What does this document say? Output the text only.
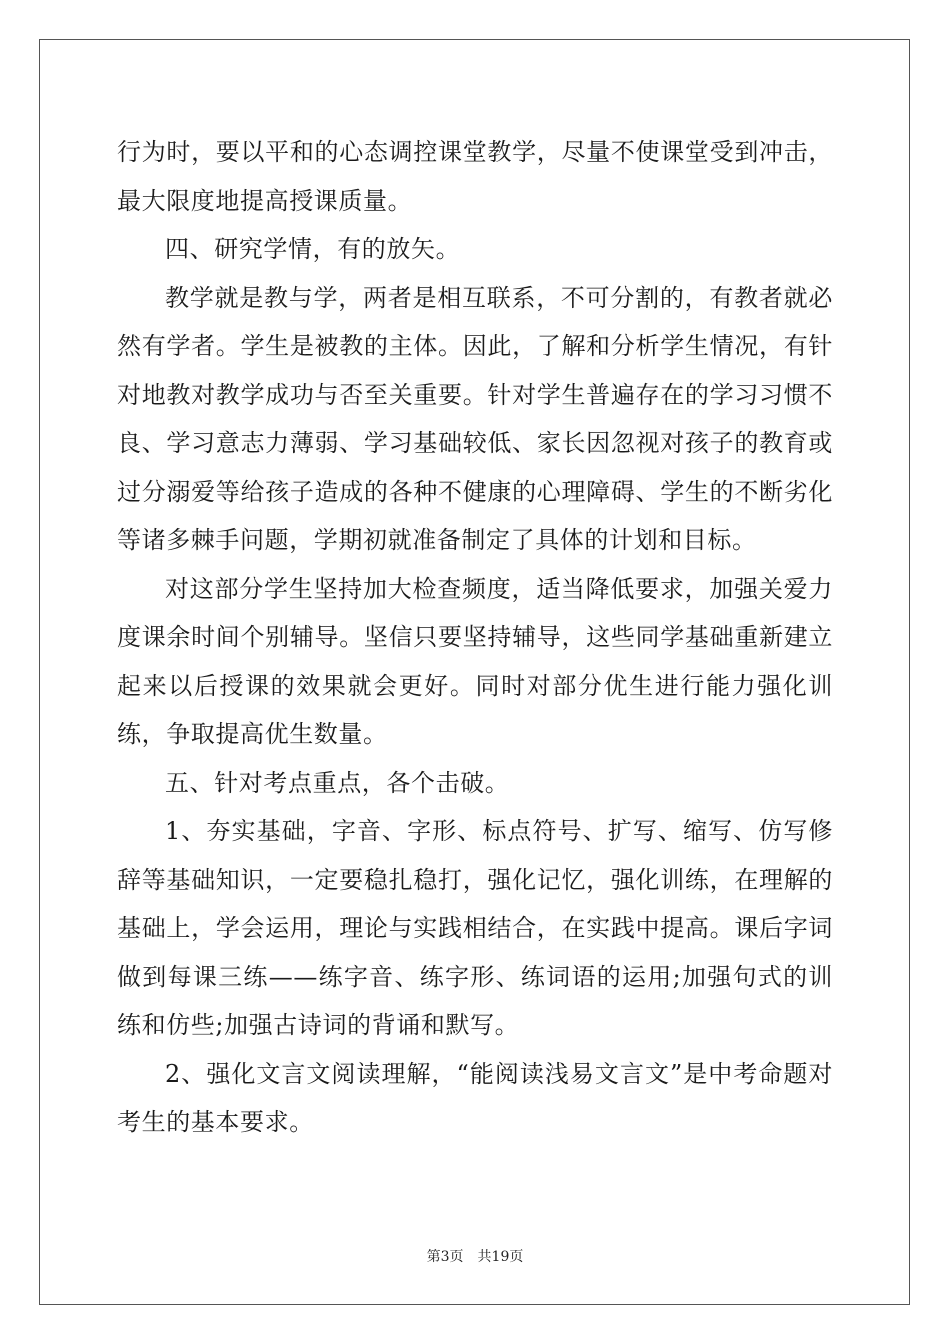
行为时，要以平和的心态调控课堂教学，尽量不使课堂受到冲击，最大限度地提高授课质量。

四、研究学情，有的放矢。

教学就是教与学，两者是相互联系，不可分割的，有教者就必然有学者。学生是被教的主体。因此，了解和分析学生情况，有针对地教对教学成功与否至关重要。针对学生普遍存在的学习习惯不良、学习意志力薄弱、学习基础较低、家长因忽视对孩子的教育或过分溺爱等给孩子造成的各种不健康的心理障碍、学生的不断劣化等诸多棘手问题，学期初就准备制定了具体的计划和目标。

对这部分学生坚持加大检查频度，适当降低要求，加强关爱力度课余时间个别辅导。坚信只要坚持辅导，这些同学基础重新建立起来以后授课的效果就会更好。同时对部分优生进行能力强化训练，争取提高优生数量。

五、针对考点重点，各个击破。

1、夯实基础，字音、字形、标点符号、扩写、缩写、仿写修辞等基础知识，一定要稳扎稳打，强化记忆，强化训练，在理解的基础上，学会运用，理论与实践相结合，在实践中提高。课后字词做到每课三练——练字音、练字形、练词语的运用;加强句式的训练和仿些;加强古诗词的背诵和默写。

2、强化文言文阅读理解，“能阅读浅易文言文”是中考命题对考生的基本要求。

第3页　共19页
